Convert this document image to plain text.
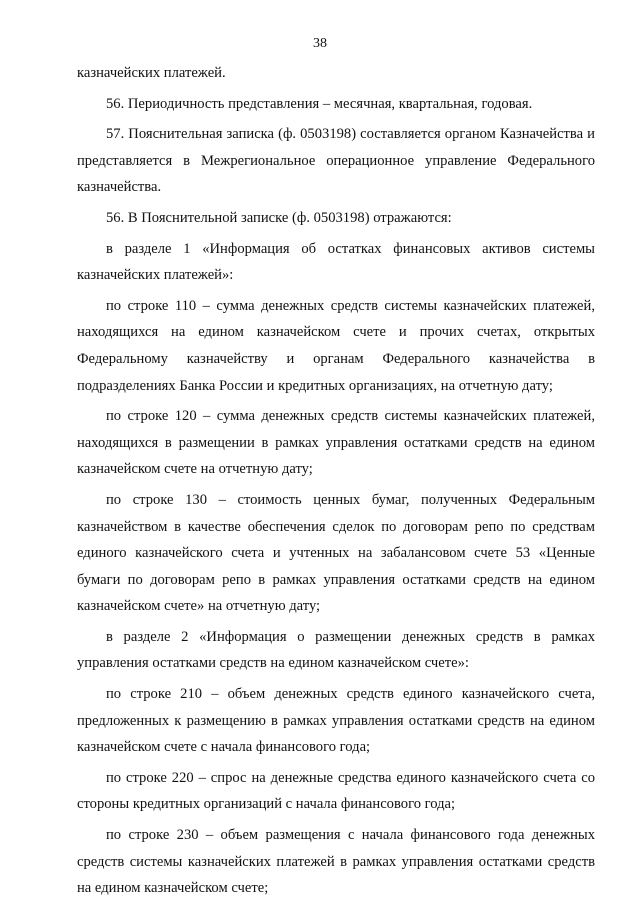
38

казначейских платежей.

56. Периодичность представления – месячная, квартальная, годовая.

57. Пояснительная записка (ф. 0503198) составляется органом Казначейства и представляется в Межрегиональное операционное управление Федерального казначейства.

56. В Пояснительной записке (ф. 0503198) отражаются:

в разделе 1 «Информация об остатках финансовых активов системы казначейских платежей»:

по строке 110 – сумма денежных средств системы казначейских платежей, находящихся на едином казначейском счете и прочих счетах, открытых Федеральному казначейству и органам Федерального казначейства в подразделениях Банка России и кредитных организациях, на отчетную дату;

по строке 120 – сумма денежных средств системы казначейских платежей, находящихся в размещении в рамках управления остатками средств на едином казначейском счете на отчетную дату;

по строке 130 – стоимость ценных бумаг, полученных Федеральным казначейством в качестве обеспечения сделок по договорам репо по средствам единого казначейского счета и учтенных на забалансовом счете 53 «Ценные бумаги по договорам репо в рамках управления остатками средств на едином казначейском счете» на отчетную дату;

в разделе 2 «Информация о размещении денежных средств в рамках управления остатками средств на едином казначейском счете»:

по строке 210 – объем денежных средств единого казначейского счета, предложенных к размещению в рамках управления остатками средств на едином казначейском счете с начала финансового года;

по строке 220 – спрос на денежные средства единого казначейского счета со стороны кредитных организаций с начала финансового года;

по строке 230 – объем размещения с начала финансового года денежных средств системы казначейских платежей в рамках управления остатками средств на едином казначейском счете;
